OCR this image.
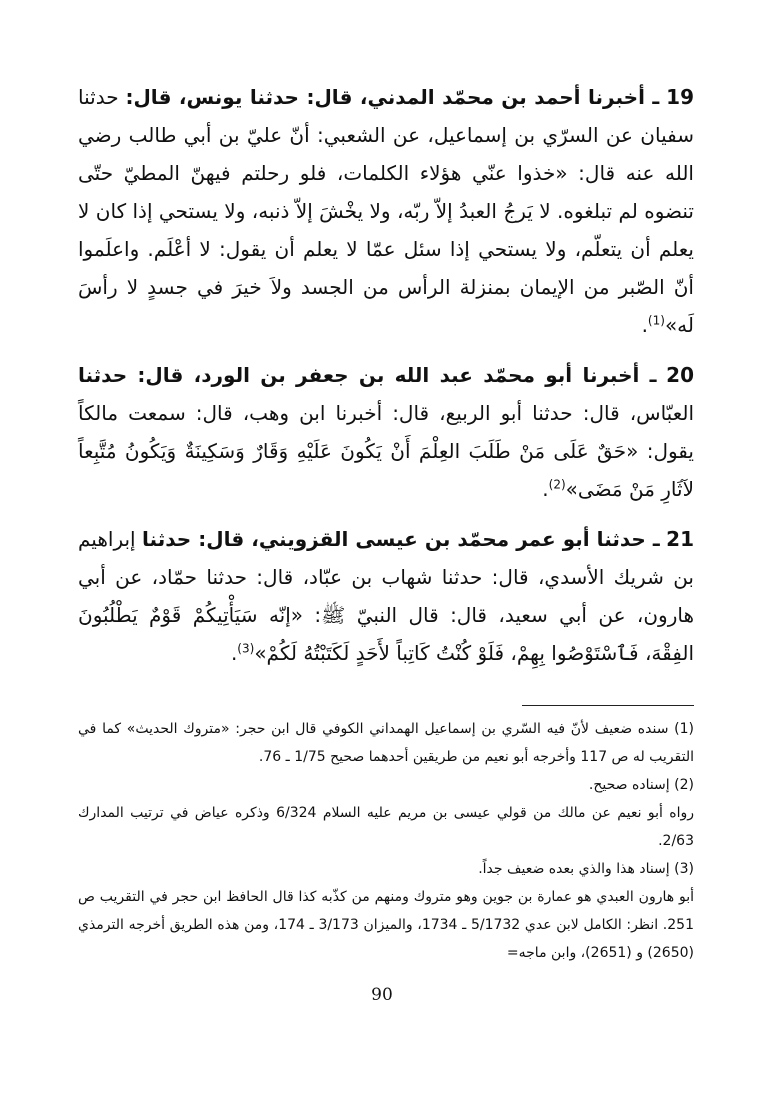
19 ـ أخبرنا أحمد بن محمّد المدني، قال: حدثنا يونس، قال: حدثنا سفيان عن السرّي بن إسماعيل، عن الشعبي: أنّ عليّ بن أبي طالب رضي الله عنه قال: «خذوا عنّي هؤلاء الكلمات، فلو رحلتم فيهنّ المطيّ حتّى تنضوه لم تبلغوه. لا يَرجُ العبدُ إلاّ ربّه، ولا يخْشَ إلاّ ذنبه، ولا يستحي إذا كان لا يعلم أن يتعلّم، ولا يستحي إذا سئل عمّا لا يعلم أن يقول: لا أعْلَم. واعلَموا أنّ الصّبر من الإيمان بمنزلة الرأس من الجسد ولاَ خيرَ في جسدٍ لا رأسَ لَه»$^{(1)}$.

20 ـ أخبرنا أبو محمّد عبد الله بن جعفر بن الورد، قال: حدثنا العبّاس، قال: حدثنا أبو الربيع، قال: أخبرنا ابن وهب، قال: سمعت مالكاً يقول: «حَقٌ عَلَى مَنْ طَلَبَ العِلْمَ أَنْ يَكُونَ عَلَيْهِ وَقَارٌ وَسَكِينَةٌ وَيَكُونُ مُتَّبِعاً لآثَارِ مَنْ مَضَى»$^{(2)}$.

21 ـ حدثنا أبو عمر محمّد بن عيسى القزويني، قال: حدثنا إبراهيم بن شريك الأسدي، قال: حدثنا شهاب بن عبّاد، قال: حدثنا حمّاد، عن أبي هارون، عن أبي سعيد، قال: قال النبيّ ﷺ: «إنّه سَيَأْتِيكُمْ قَوْمٌ يَطْلُبُونَ الفِقْهَ، فَٱسْتَوْصُوا بِهِمْ، فَلَوْ كُنْتُ كَاتِباً لأَحَدٍ لَكَتَبْتُهُ لَكُمْ»$^{(3)}$.

(1) سنده ضعيف لأنّ فيه السّري بن إسماعيل الهمداني الكوفي قال ابن حجر: «متروك الحديث» كما في التقريب له ص 117 وأخرجه أبو نعيم من طريقين أحدهما صحيح 1/75 ـ 76.

(2) إسناده صحيح.

رواه أبو نعيم عن مالك من قولي عيسى بن مريم عليه السلام 6/324 وذكره عياض في ترتيب المدارك 2/63.

(3) إسناد هذا والذي بعده ضعيف جداً.

أبو هارون العبدي هو عمارة بن جوين وهو متروك ومنهم من كذّبه كذا قال الحافظ ابن حجر في التقريب ص 251. انظر: الكامل لابن عدي 5/1732 ـ 1734، والميزان 3/173 ـ 174، ومن هذه الطريق أخرجه الترمذي (2650) و (2651)، وابن ماجه=

90
